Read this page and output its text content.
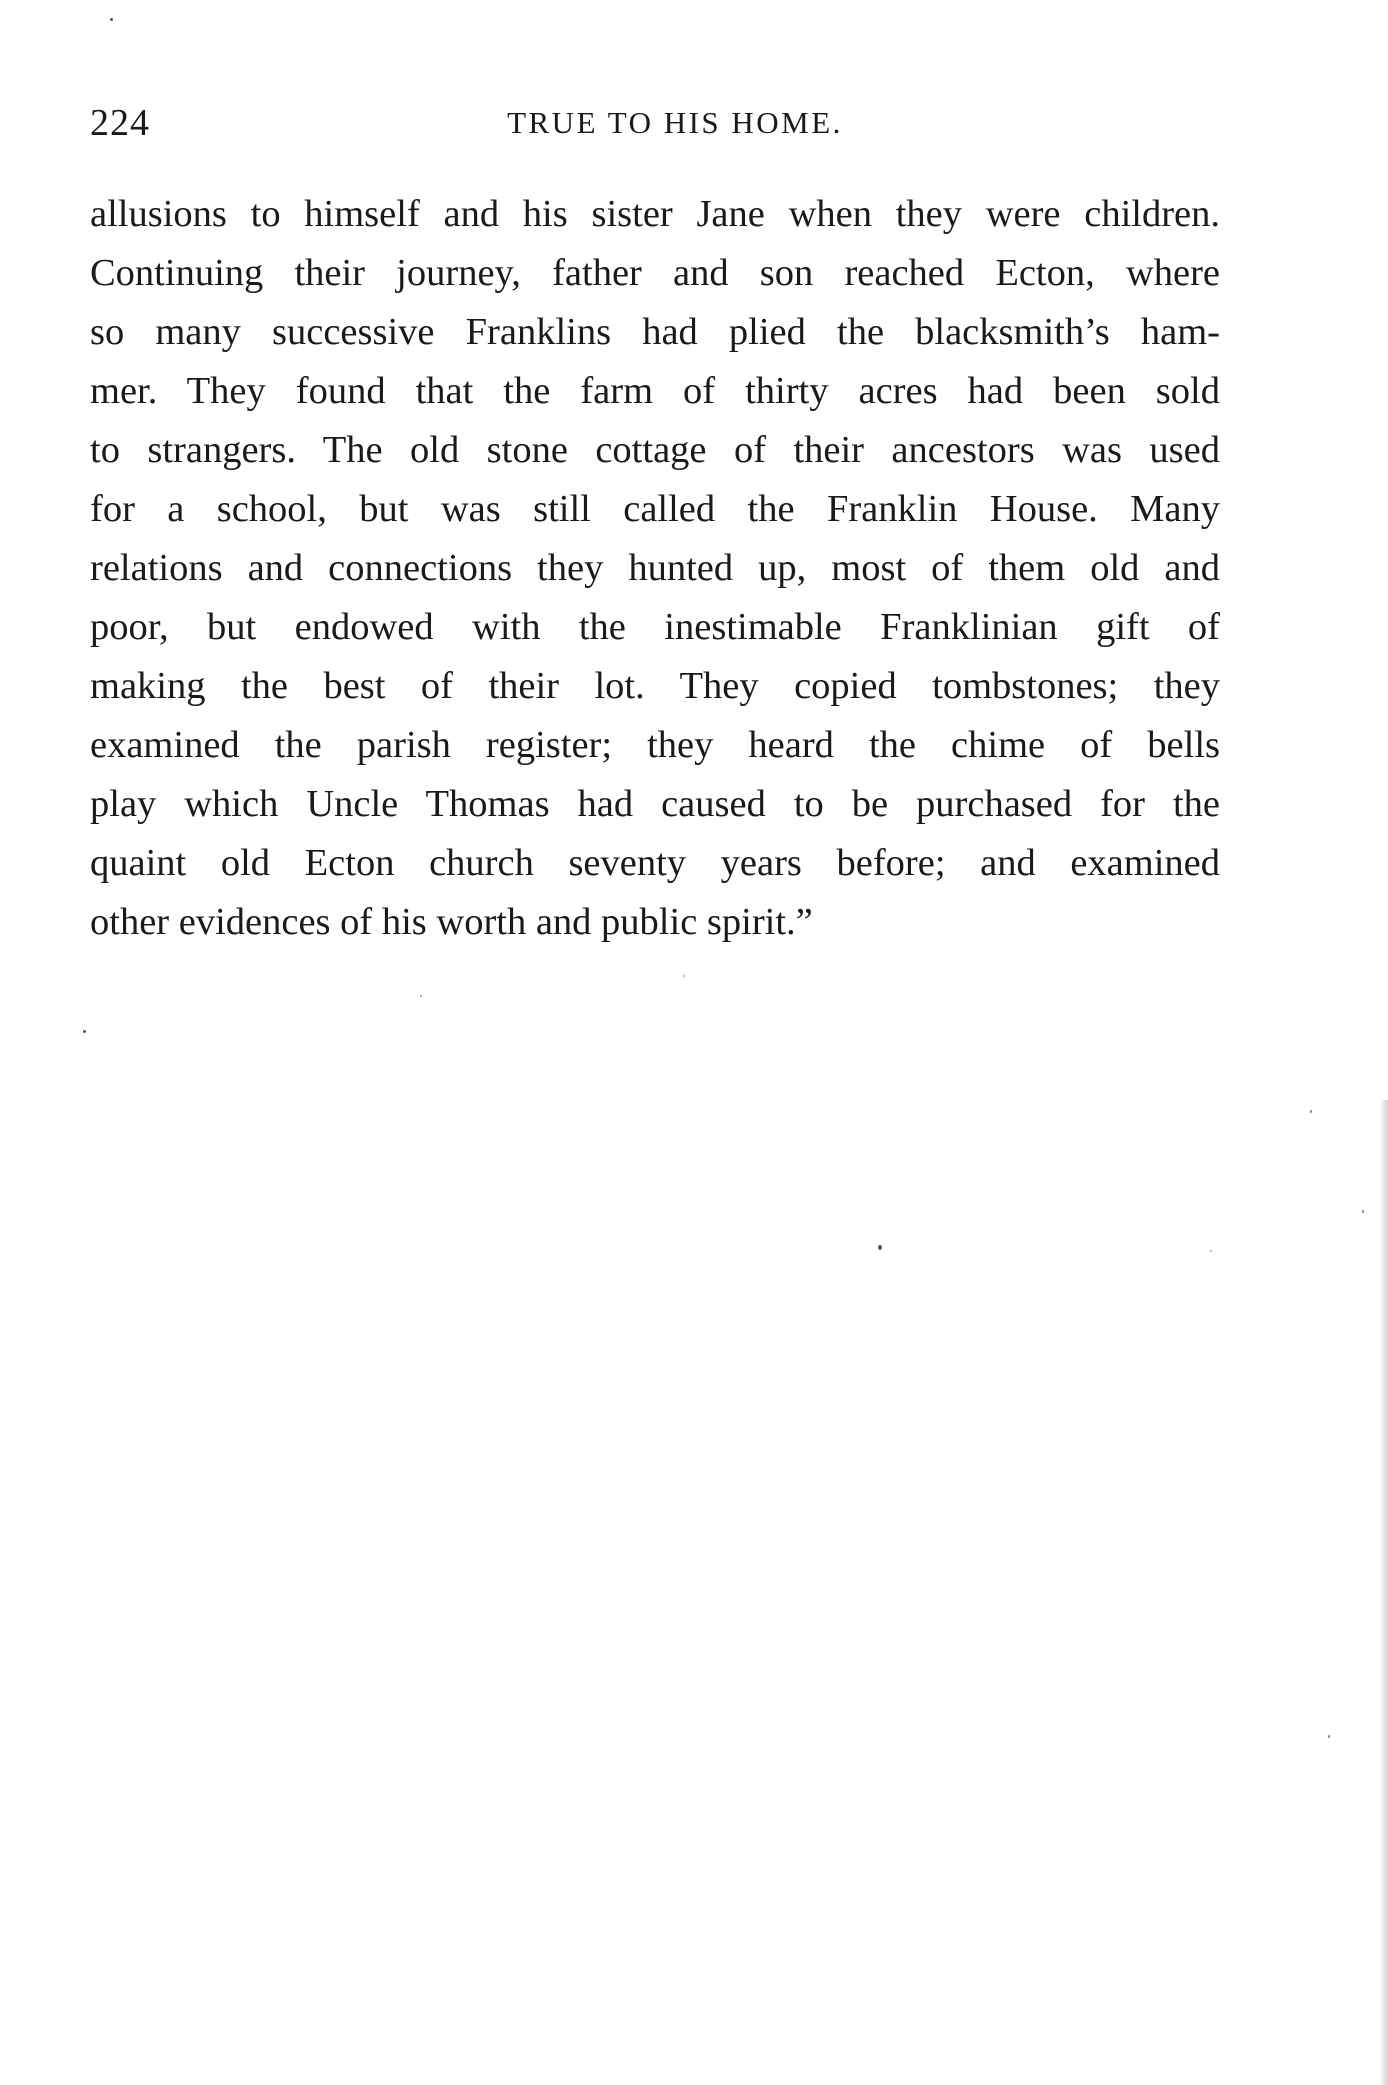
224	TRUE TO HIS HOME.
allusions to himself and his sister Jane when they were children.
Continuing their journey, father and son reached Ecton, where
so many successive Franklins had plied the blacksmith’s ham-
mer. They found that the farm of thirty acres had been sold
to strangers. The old stone cottage of their ancestors was used
for a school, but was still called the Franklin House. Many
relations and connections they hunted up, most of them old and
poor, but endowed with the inestimable Franklinian gift of
making the best of their lot. They copied tombstones; they
examined the parish register; they heard the chime of bells
play which Uncle Thomas had caused to be purchased for the
quaint old Ecton church seventy years before; and examined
other evidences of his worth and public spirit.”
